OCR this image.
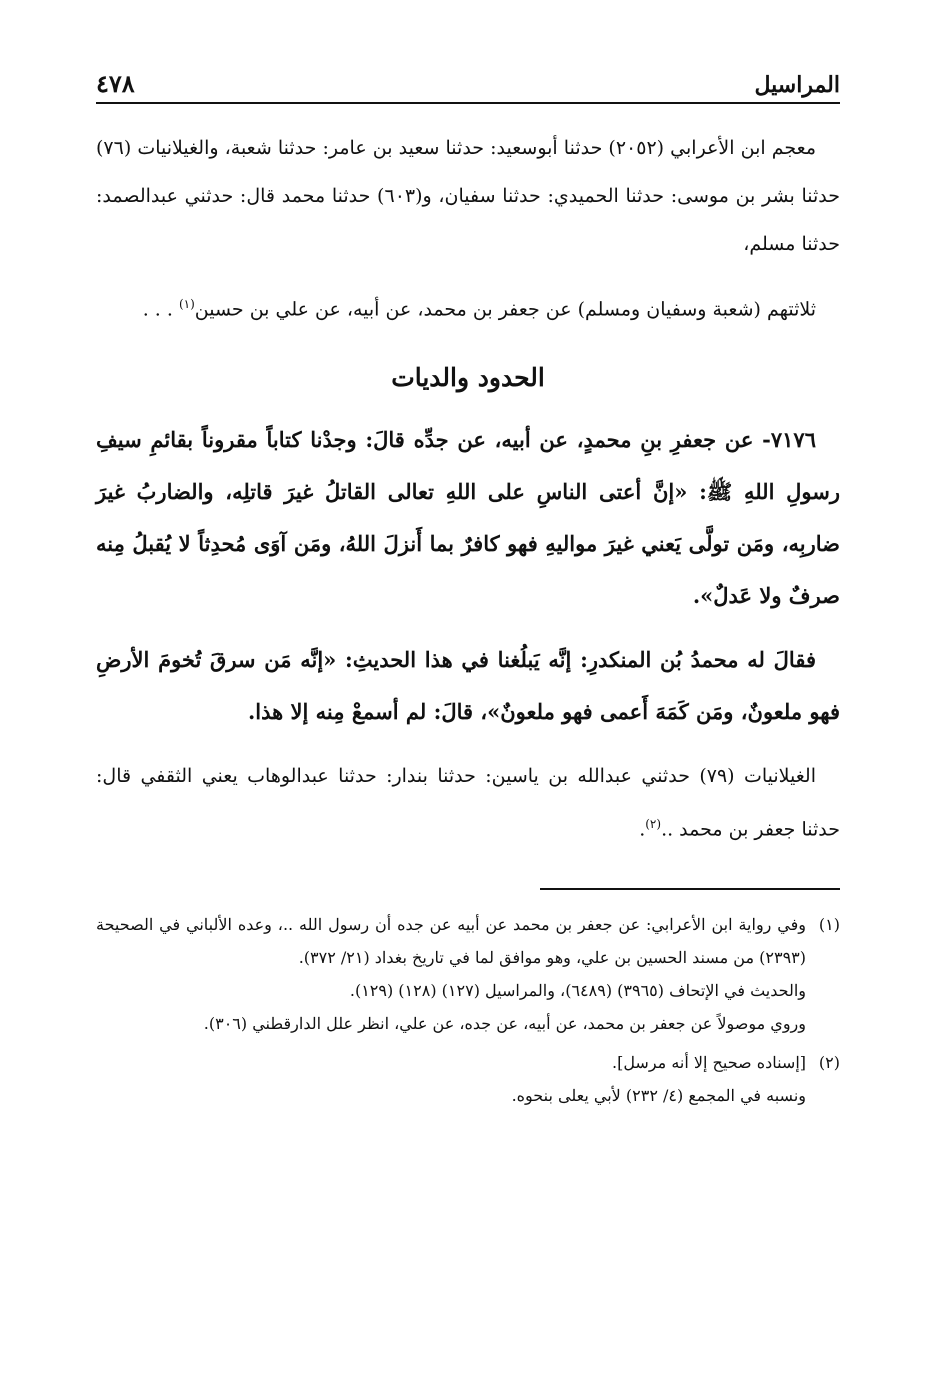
المراسيل
٤٧٨

معجم ابن الأعرابي (٢٠٥٢) حدثنا أبوسعيد: حدثنا سعيد بن عامر: حدثنا شعبة، والغيلانيات (٧٦) حدثنا بشر بن موسى: حدثنا الحميدي: حدثنا سفيان، و(٦٠٣) حدثنا محمد قال: حدثني عبدالصمد: حدثنا مسلم،

ثلاثتهم (شعبة وسفيان ومسلم) عن جعفر بن محمد، عن أبيه، عن علي بن حسين$^{(١)}$ . . .

الحدود والديات

٧١٧٦- عن جعفرِ بنِ محمدٍ، عن أبيه، عن جدِّه قالَ: وجدْنا كتاباً مقروناً بقائمِ سيفِ رسولِ اللهِ ﷺ: «إنَّ أعتى الناسِ على اللهِ تعالى القاتلُ غيرَ قاتلِه، والضاربُ غيرَ ضاربِه، ومَن تولَّى يَعني غيرَ مواليهِ فهو كافرٌ بما أَنزلَ اللهُ، ومَن آوَى مُحدِثاً لا يُقبلُ مِنه صرفٌ ولا عَدلٌ».

فقالَ له محمدُ بُن المنكدرِ: إنَّه يَبلُغنا في هذا الحديثِ: «إنَّه مَن سرقَ تُخومَ الأرضِ فهو ملعونٌ، ومَن كَمَهَ أَعمى فهو ملعونٌ»، قالَ: لم أسمعْ مِنه إلا هذا.

الغيلانيات (٧٩) حدثني عبدالله بن ياسين: حدثنا بندار: حدثنا عبدالوهاب يعني الثقفي قال: حدثنا جعفر بن محمد ..$^{(٢)}$.

(١)

وفي رواية ابن الأعرابي: عن جعفر بن محمد عن أبيه عن جده أن رسول الله ..، وعده الألباني في الصحيحة (٢٣٩٣) من مسند الحسين بن علي، وهو موافق لما في تاريخ بغداد (٢١/ ٣٧٢).

والحديث في الإتحاف (٣٩٦٥) (٦٤٨٩)، والمراسيل (١٢٧) (١٢٨) (١٢٩).

وروي موصولاً عن جعفر بن محمد، عن أبيه، عن جده، عن علي، انظر علل الدارقطني (٣٠٦).

(٢)

[إسناده صحيح إلا أنه مرسل].

ونسبه في المجمع (٤/ ٢٣٢) لأبي يعلى بنحوه.
